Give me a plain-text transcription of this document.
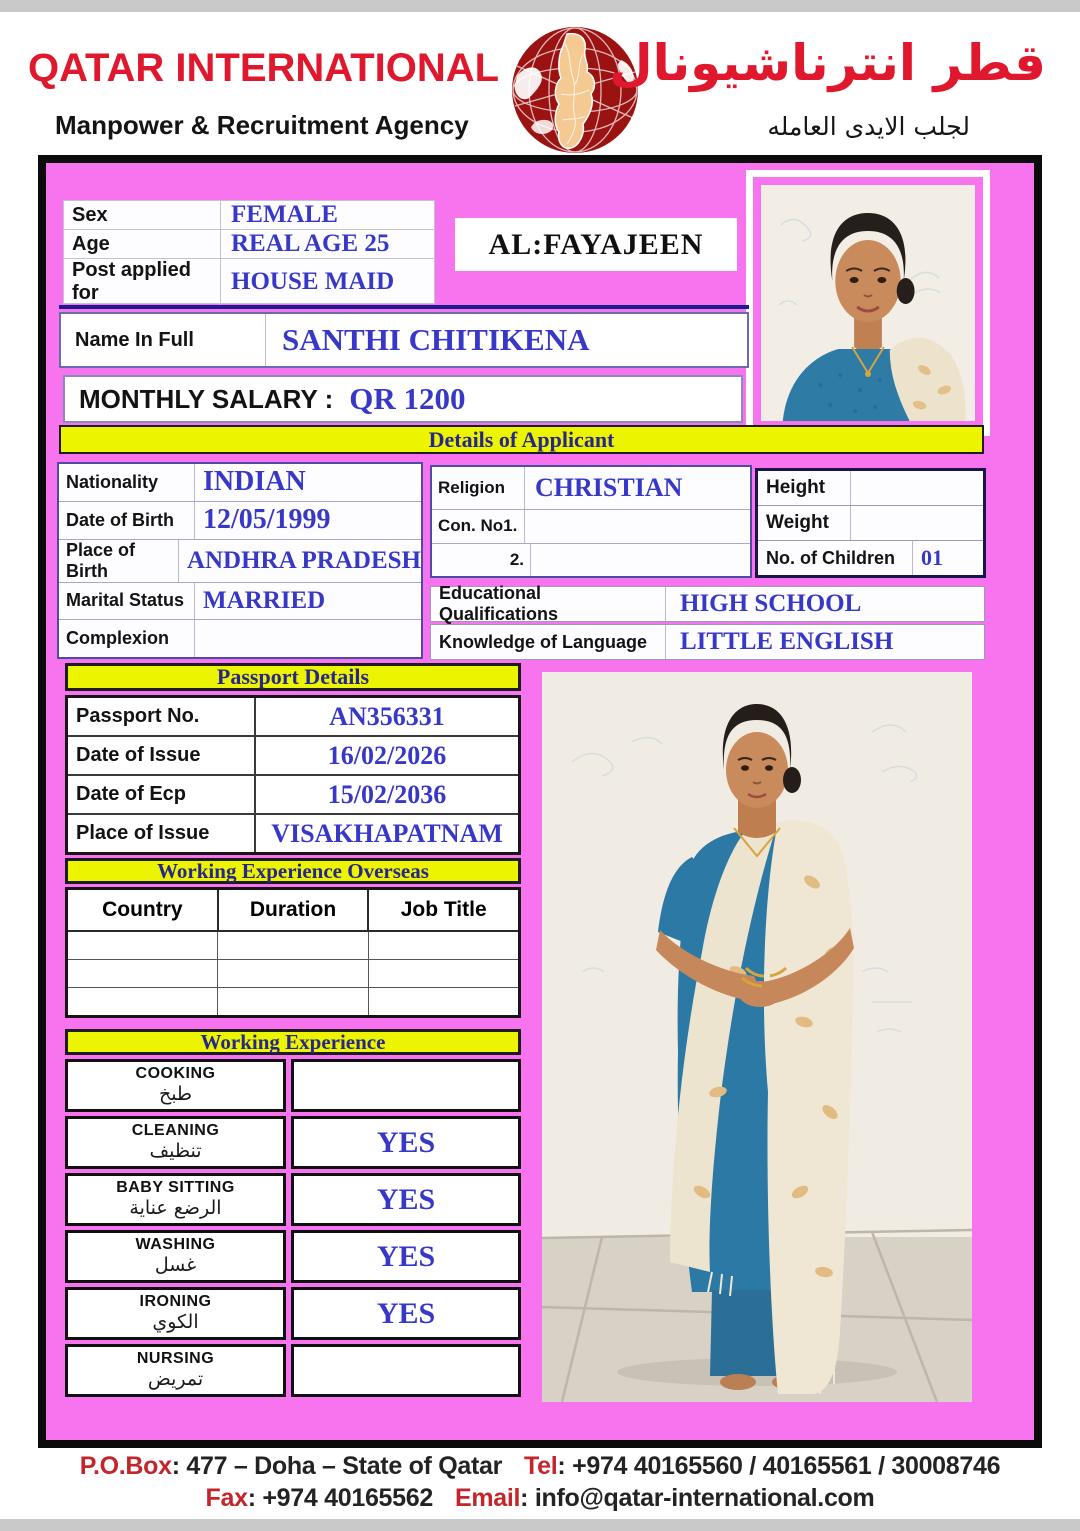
QATAR INTERNATIONAL
Manpower & Recruitment Agency
قطر انترناشيونال
لجلب الايدى العامله
Sex	FEMALE
Age	REAL AGE 25
Post applied for	HOUSE MAID
AL:FAYAJEEN
Name In Full	SANTHI CHITIKENA
MONTHLY SALARY : QR 1200
Details of Applicant
Nationality	INDIAN
Date of Birth	12/05/1999
Place of Birth	ANDHRA PRADESH
Marital Status MARRIED
Complexion
Religion	CHRISTIAN
Con. No1.
2.
Height
Weight
No. of Children	01
Educational Qualifications	HIGH SCHOOL
Knowledge of Language	LITTLE ENGLISH
Passport Details
Passport No.	AN356331
Date of Issue	16/02/2026
Date of Ecp	15/02/2036
Place of Issue	VISAKHAPATNAM
Working Experience Overseas
Country	Duration	Job Title
Working Experience
COOKING
طبخ
CLEANING
تنظيف	YES
BABY SITTING
الرضع عناية	YES
WASHING
غسل	YES
IRONING
الكوي	YES
NURSING
تمريض
P.O.Box: 477 – Doha – State of Qatar Tel: +974 40165560 / 40165561 / 30008746
Fax: +974 40165562 Email: info@qatar-international.com
